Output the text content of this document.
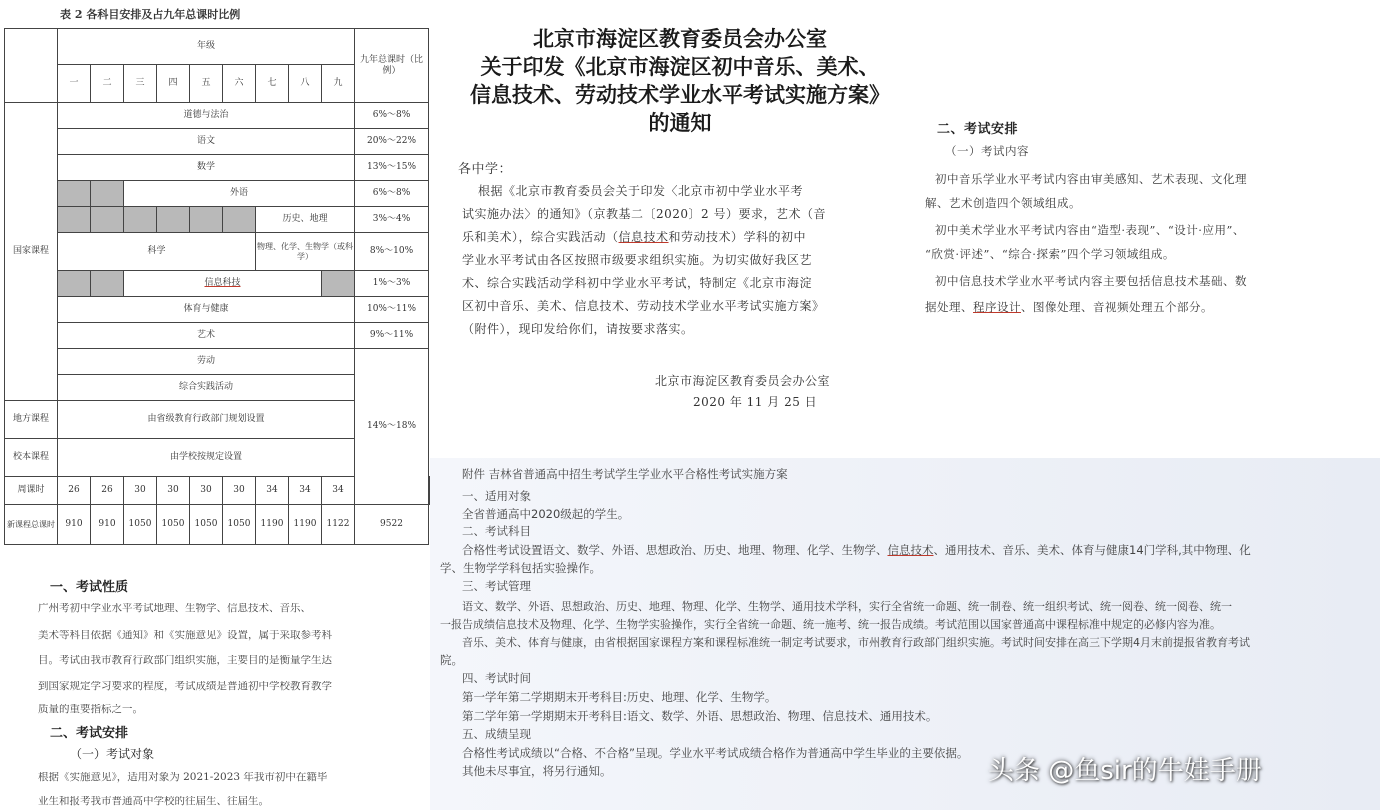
表 2 各科目安排及占九年总课时比例
	年级									九年总课时（比例）	
	一	二	三	四	五	六	七	八	九		
国家课程	道德与法治									6%～8%	
	语文									20%～22%	
	数学									13%～15%	
			外语							6%～8%	
							历史、地理			3%～4%	
	科学						物理、化学、生物学（或科学）			8%～10%	
			信息科技							1%～3%	
	体育与健康									10%～11%	
	艺术									9%～11%	
	劳动									14%～18%	
	综合实践活动										
地方课程	由省级教育行政部门规划设置										
校本课程	由学校按规定设置										
周课时	26	26	30	30	30	30	34	34	34		
新课程总课时	910	910	1050	1050	1050	1050	1190	1190	1122	9522	
一、考试性质
广州考初中学业水平考试地理、生物学、信息技术、音乐、
美术等科目依据《通知》和《实施意见》设置，属于采取参考科
目。考试由我市教育行政部门组织实施，主要目的是衡量学生达
到国家规定学习要求的程度，考试成绩是普通初中学校教育教学
质量的重要指标之一。
二、考试安排
（一）考试对象
根据《实施意见》，适用对象为 2021-2023 年我市初中在籍毕
业生和报考我市普通高中学校的往届生、往届生。
北京市海淀区教育委员会办公室
关于印发《北京市海淀区初中音乐、美术、
信息技术、劳动技术学业水平考试实施方案》
的通知
各中学：
根据《北京市教育委员会关于印发〈北京市初中学业水平考
试实施办法〉的通知》（京教基二〔2020〕2 号）要求，艺术（音
乐和美术），综合实践活动（信息技术和劳动技术）学科的初中
学业水平考试由各区按照市级要求组织实施。为切实做好我区艺
术、综合实践活动学科初中学业水平考试，特制定《北京市海淀
区初中音乐、美术、信息技术、劳动技术学业水平考试实施方案》
（附件），现印发给你们，请按要求落实。
北京市海淀区教育委员会办公室
2020 年 11 月 25 日
二、考试安排
（一）考试内容
初中音乐学业水平考试内容由审美感知、艺术表现、文化理
解、艺术创造四个领域组成。
初中美术学业水平考试内容由“造型·表现”、“设计·应用”、
“欣赏·评述”、“综合·探索”四个学习领域组成。
初中信息技术学业水平考试内容主要包括信息技术基础、数
据处理、程序设计、图像处理、音视频处理五个部分。
附件 吉林省普通高中招生考试学生学业水平合格性考试实施方案
一、适用对象
全省普通高中2020级起的学生。
二、考试科目
合格性考试设置语文、数学、外语、思想政治、历史、地理、物理、化学、生物学、信息技术、通用技术、音乐、美术、体育与健康14门学科,其中物理、化
学、生物学学科包括实验操作。
三、考试管理
语文、数学、外语、思想政治、历史、地理、物理、化学、生物学、通用技术学科，实行全省统一命题、统一制卷、统一组织考试、统一阅卷、统一阅卷、统一
一报告成绩信息技术及物理、化学、生物学实验操作，实行全省统一命题、统一施考、统一报告成绩。考试范围以国家普通高中课程标准中规定的必修内容为准。
音乐、美术、体育与健康，由省根据国家课程方案和课程标准统一制定考试要求，市州教育行政部门组织实施。考试时间安排在高三下学期4月末前提报省教育考试
院。
四、考试时间
第一学年第二学期期末开考科目:历史、地理、化学、生物学。
第二学年第一学期期末开考科目:语文、数学、外语、思想政治、物理、信息技术、通用技术。
五、成绩呈现
合格性考试成绩以“合格、不合格”呈现。学业水平考试成绩合格作为普通高中学生毕业的主要依据。
其他未尽事宜，将另行通知。	头条 @鱼sir的牛娃手册
